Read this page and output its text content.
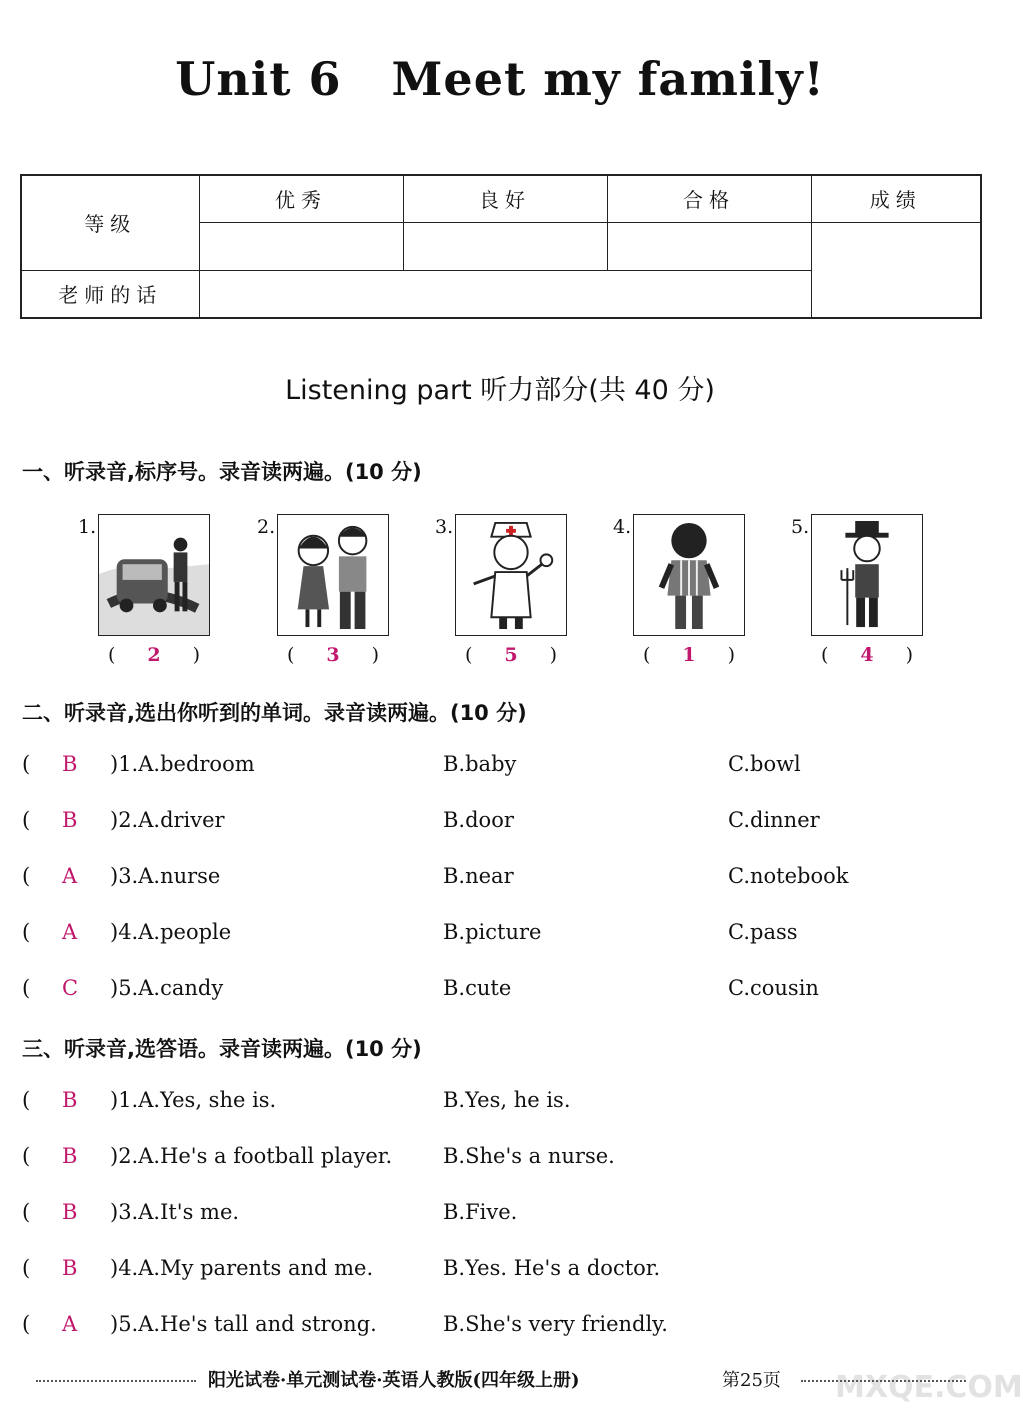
Unit 6 Meet my family!
等级	优秀	良好	合格	成绩

老师的话				
Listening part 听力部分(共 40 分)
一、听录音,标序号。录音读两遍。(10 分)
1.
(	2	)
2.
(	3	)
3.
(	5	)
4.
(	1	)
5.
(	4	)
二、听录音,选出你听到的单词。录音读两遍。(10 分)
( B )1.A.bedroom	B.baby	C.bowl
( B )2.A.driver	B.door	C.dinner
( A )3.A.nurse	B.near	C.notebook
( A )4.A.people	B.picture	C.pass
( C )5.A.candy	B.cute	C.cousin
三、听录音,选答语。录音读两遍。(10 分)
( B )1.A.Yes, she is.	B.Yes, he is.
( B )2.A.He's a football player. B.She's a nurse.
( B )3.A.It's me.	B.Five.
( B )4.A.My parents and me.	B.Yes. He's a doctor.
( A )5.A.He's tall and strong.	B.She's very friendly.
阳光试卷·单元测试卷·英语人教版(四年级上册)	第25页 MXQE.COM
